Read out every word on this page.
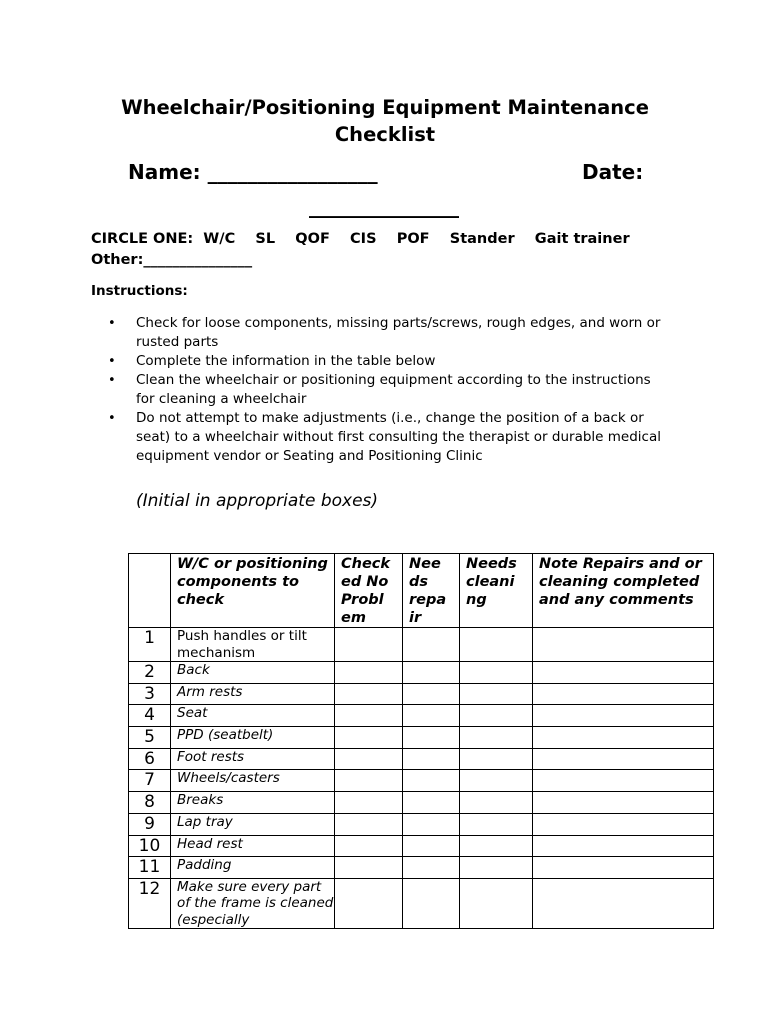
Wheelchair/Positioning Equipment Maintenance Checklist
Name: _________________	Date:
_______________
CIRCLE ONE:  W/C    SL    QOF    CIS    POF    Stander    Gait trainer
Other:_______________
Instructions:
• Check for loose components, missing parts/screws, rough edges, and worn or rusted parts
• Complete the information in the table below
• Clean the wheelchair or positioning equipment according to the instructions for cleaning a wheelchair
• Do not attempt to make adjustments (i.e., change the position of a back or seat) to a wheelchair without first consulting the therapist or durable medical equipment vendor or Seating and Positioning Clinic
(Initial in appropriate boxes)
	W/C or positioning components to check	Check ed No Probl em	Nee ds repa ir	Needs cleani ng	Note Repairs and or cleaning completed and any comments
1	Push handles or tilt mechanism				
2	Back				
3	Arm rests				
4	Seat				
5	PPD (seatbelt)				
6	Foot rests				
7	Wheels/casters				
8	Breaks				
9	Lap tray				
10	Head rest				
11	Padding				
12	Make sure every part of the frame is cleaned (especially				
